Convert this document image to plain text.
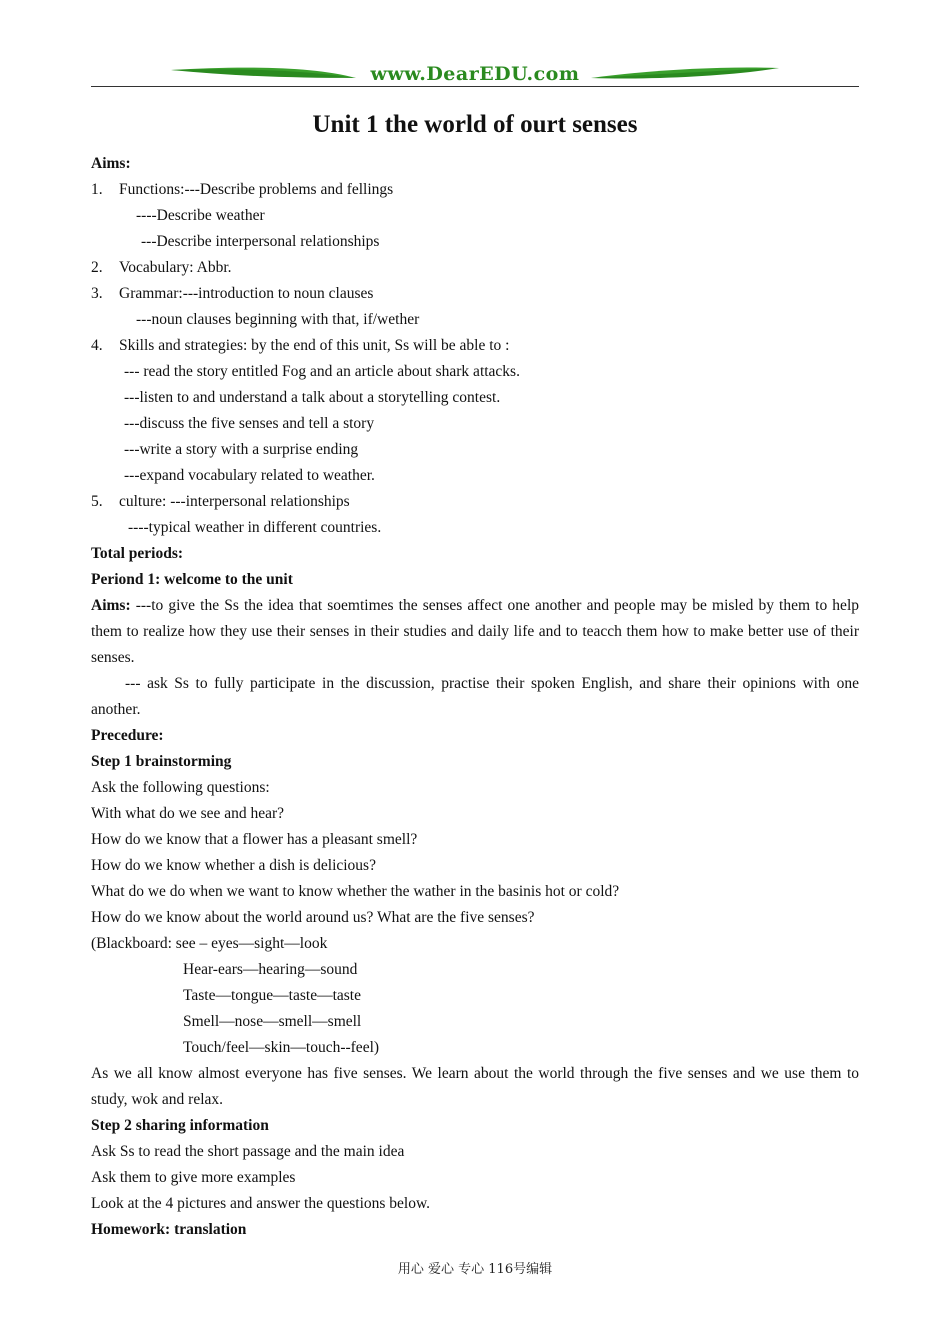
www.DearEDU.com
Unit 1 the world of ourt senses
Aims:
1. Functions:---Describe problems and fellings
----Describe weather
---Describe interpersonal relationships
2. Vocabulary: Abbr.
3. Grammar:---introduction to noun clauses
---noun clauses beginning with that, if/wether
4. Skills and strategies: by the end of this unit, Ss will be able to :
--- read the story entitled Fog and an article about shark attacks.
---listen to and understand a talk about a storytelling contest.
---discuss the five senses and tell a story
---write a story with a surprise ending
---expand vocabulary related to weather.
5. culture: ---interpersonal relationships
----typical weather in different countries.
Total periods:
Periond 1: welcome to the unit
Aims: ---to give the Ss the idea that soemtimes the senses affect one another and people may be misled by them to help them to realize how they use their senses in their studies and daily life and to teacch them how to make better use of their senses.
--- ask Ss to fully participate in the discussion, practise their spoken English, and share their opinions with one another.
Precedure:
Step 1 brainstorming
Ask the following questions:
With what do we see and hear?
How do we know that a flower has a pleasant smell?
How do we know whether a dish is delicious?
What do we do when we want to know whether the wather in the basinis hot or cold?
How do we know about the world around us? What are the five senses?
(Blackboard: see – eyes—sight—look
Hear-ears—hearing—sound
Taste—tongue—taste—taste
Smell—nose—smell—smell
Touch/feel—skin—touch--feel)
As we all know almost everyone has five senses. We learn about the world through the five senses and we use them to study, wok and relax.
Step 2 sharing information
Ask Ss to read the short passage and the main idea
Ask them to give more examples
Look at the 4 pictures and answer the questions below.
Homework: translation
用心 爱心 专心 116号编辑
